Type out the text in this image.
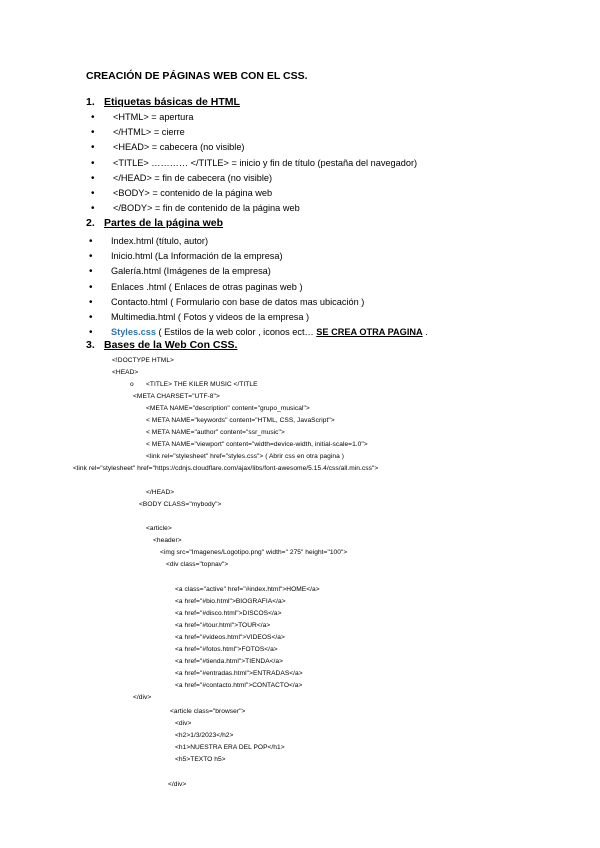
CREACIÓN DE PÁGINAS WEB CON EL CSS.
1. Etiquetas básicas de HTML
• <HTML> = apertura
• </HTML> = cierre
• <HEAD> = cabecera (no visible)
• <TITLE> ………… </TITLE> = inicio y fin de título (pestaña del navegador)
• </HEAD> = fin de cabecera (no visible)
• <BODY> = contenido de la página web
• </BODY> = fin de contenido de la página web
2. Partes de la página web
• Index.html (título, autor)
• Inicio.html (La Información de la empresa)
• Galería.html (Imágenes de la empresa)
• Enlaces .html ( Enlaces de otras paginas web )
• Contacto.html ( Formulario con base de datos mas ubicación )
• Multimedia.html ( Fotos y videos de la empresa )
• Styles.css ( Estilos de la web color , iconos ect… SE CREA OTRA PAGINA .
3. Bases de la Web Con CSS.
<!DOCTYPE HTML>
<HEAD>
o <TITLE> THE KILER MUSIC </TITLE
<META CHARSET="UTF-8">
<META NAME="description" content="grupo_musical">
< META NAME="keywords" content="HTML, CSS, JavaScript">
< META NAME="author" content="ssr_music">
< META NAME="viewport" content="width=device-width, initial-scale=1.0">
<link rel="stylesheet" href="styles.css"> ( Abrir css en otra pagina )
<link rel="stylesheet" href="https://cdnjs.cloudflare.com/ajax/libs/font-awesome/5.15.4/css/all.min.css">
</HEAD>
<BODY CLASS="mybody">
<article>
<header>
<img src="Imagenes/Logotipo.png" width=" 275" height="100">
<div class="topnav">
<a class="active" href="#index.html">HOME</a>
<a href="#bio.html">BIOGRAFIA</a>
<a href="#disco.html">DISCOS</a>
<a href="#tour.html">TOUR</a>
<a href="#videos.html">VIDEOS</a>
<a href="#fotos.html">FOTOS</a>
<a href="#tienda.html">TIENDA</a>
<a href="#entradas.html">ENTRADAS</a>
<a href="#contacto.html">CONTACTO</a>
</div>
<article class="browser">
<div>
<h2>1/3/2023</h2>
<h1>NUESTRA ERA DEL POP</h1>
<h5>TEXTO h5>
</div>
